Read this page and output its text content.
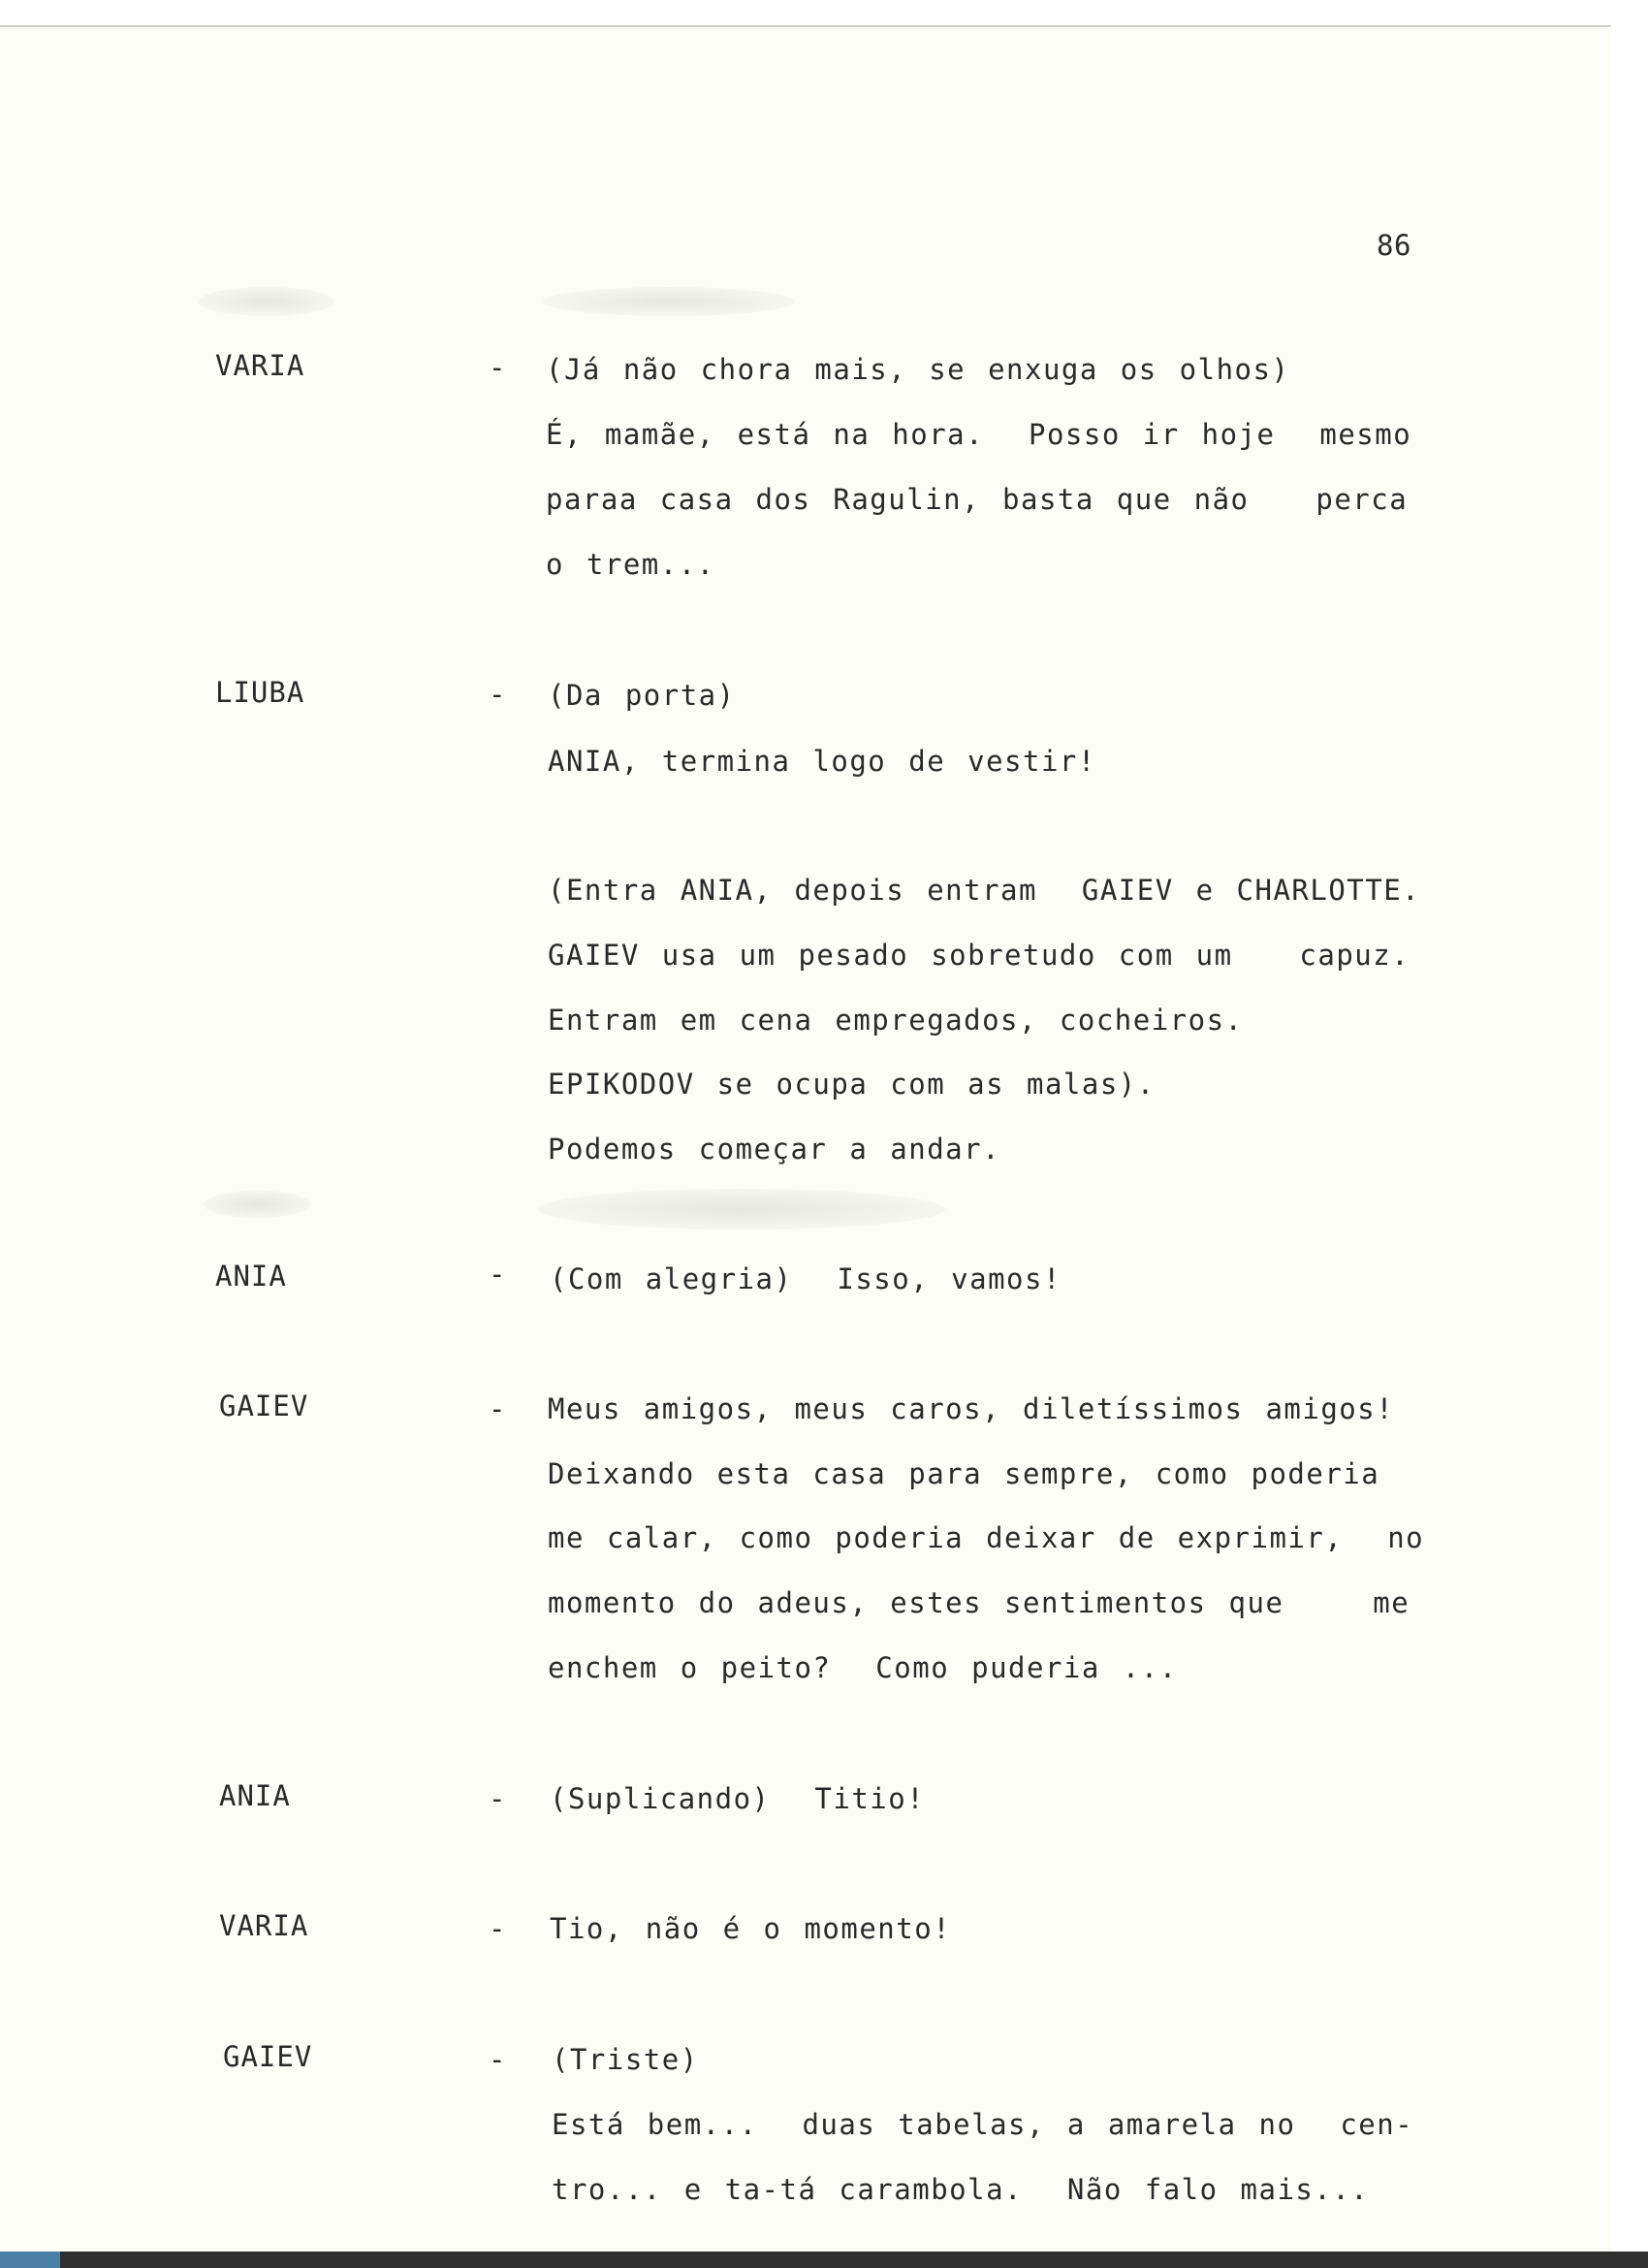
86
VARIA	- (Já não chora mais, se enxuga os olhos)
É, mamãe, está na hora.  Posso ir hoje  mesmo
paraa casa dos Ragulin, basta que não   perca
o trem...
LIUBA	- (Da porta)
ANIA, termina logo de vestir!
(Entra ANIA, depois entram  GAIEV e CHARLOTTE.
GAIEV usa um pesado sobretudo com um   capuz.
Entram em cena empregados, cocheiros.
EPIKODOV se ocupa com as malas).
Podemos começar a andar.
ANIA	- (Com alegria)  Isso, vamos!
GAIEV	- Meus amigos, meus caros, diletíssimos amigos!
Deixando esta casa para sempre, como poderia
me calar, como poderia deixar de exprimir,  no
momento do adeus, estes sentimentos que    me
enchem o peito?  Como puderia ...
ANIA	- (Suplicando)  Titio!
VARIA	- Tio, não é o momento!
GAIEV	- (Triste)
Está bem...  duas tabelas, a amarela no  cen-
tro... e ta-tá carambola.  Não falo mais...
